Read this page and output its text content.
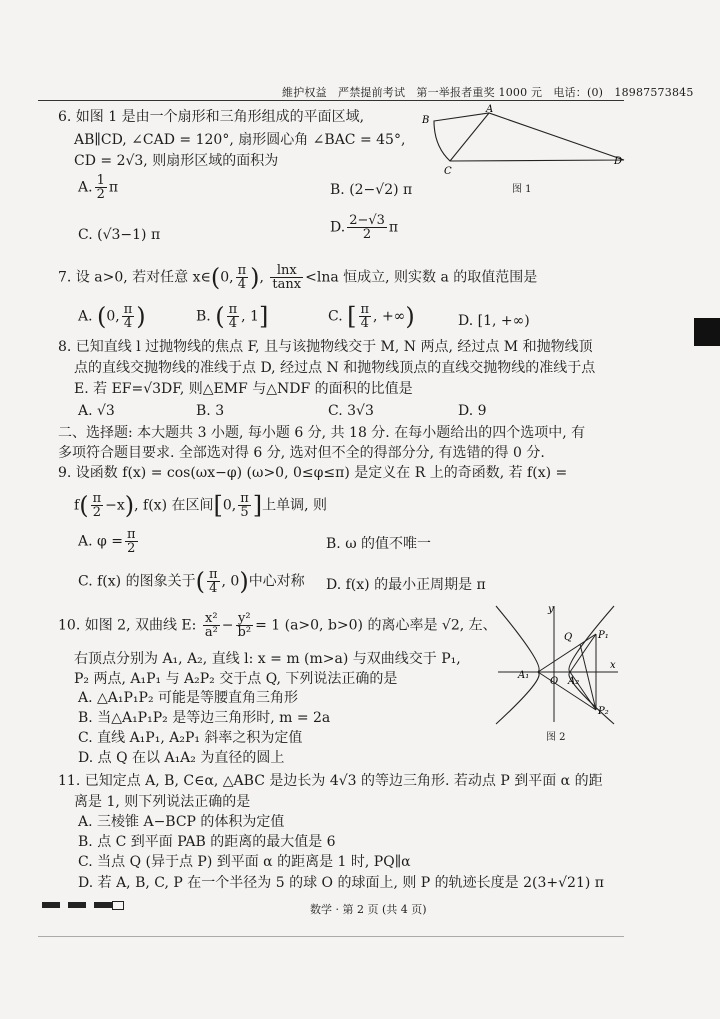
維护权益　严禁提前考试　第一举报者重奖 1000 元　电话：(0)　18987573845
6. 如图 1 是由一个扇形和三角形组成的平面区域,
AB∥CD, ∠CAD = 120°, 扇形圆心角 ∠BAC = 45°,
CD = 2√3, 则扇形区域的面积为
A. $\frac{1}{2}$ π	B. (2−√2) π
C. (√3−1) π	D. $\frac{2-√3}{2}$ π
A
B
C
D
图 1
7. 设 a>0, 若对任意 x∈(0, $\frac{\pi}{4}$ ), $\frac{\ln x}{\tan x} <\ln a$ 恒成立, 则实数 a 的取值范围是
A. (0, $\frac{\pi}{4}$ )	B. ( $\frac{\pi}{4}$ , 1]	C. [ $\frac{\pi}{4}$ , +∞)	D. [1, +∞)
8. 已知直线 l 过抛物线的焦点 F, 且与该抛物线交于 M, N 两点, 经过点 M 和抛物线顶
点的直线交抛物线的准线于点 D, 经过点 N 和抛物线顶点的直线交抛物线的准线于点
E. 若 EF=√3DF, 则△EMF 与△NDF 的面积的比值是
A. √3	B. 3	C. 3√3	D. 9
二、选择题: 本大题共 3 小题, 每小题 6 分, 共 18 分. 在每小题给出的四个选项中, 有
多项符合题目要求. 全部选对得 6 分, 选对但不全的得部分分, 有选错的得 0 分.
9. 设函数 f(x) = cos(ωx−φ) (ω>0, 0≤φ≤π) 是定义在 R 上的奇函数, 若 f(x) =
$f( \frac{\pi}{2} -x)$, f(x) 在区间[0, $\frac{\pi}{5}$ ]上单调, 则
A. $\varphi = \frac{\pi}{2}$	B. ω 的值不唯一
C. f(x) 的图象关于( $\frac{\pi}{4}$ , 0)中心对称 D. f(x) 的最小正周期是 π
10. 如图 2, 双曲线 E: $\frac{\text{x²}}{\text{a²}} - \frac{\text{y²}}{\text{b²}} = 1$ (a>0, b>0) 的离心率是 √2, 左、
右顶点分别为 A₁, A₂, 直线 l: x = m (m>a) 与双曲线交于 P₁,
P₂ 两点, A₁P₁ 与 A₂P₂ 交于点 Q, 下列说法正确的是
A. △A₁P₁P₂ 可能是等腰直角三角形
B. 当△A₁P₁P₂ 是等边三角形时, m = 2a
C. 直线 A₁P₁, A₂P₁ 斜率之积为定值
D. 点 Q 在以 A₁A₂ 为直径的圆上
y
x
O
Q
A₁
A₂
P₁
P₂
图 2
11. 已知定点 A, B, C∈α, △ABC 是边长为 4√3 的等边三角形. 若动点 P 到平面 α 的距
离是 1, 则下列说法正确的是
A. 三棱锥 A−BCP 的体积为定值
B. 点 C 到平面 PAB 的距离的最大值是 6
C. 当点 Q (异于点 P) 到平面 α 的距离是 1 时, PQ∥α
D. 若 A, B, C, P 在一个半径为 5 的球 O 的球面上, 则 P 的轨迹长度是 2(3+√21) π
数学 · 第 2 页 (共 4 页)
